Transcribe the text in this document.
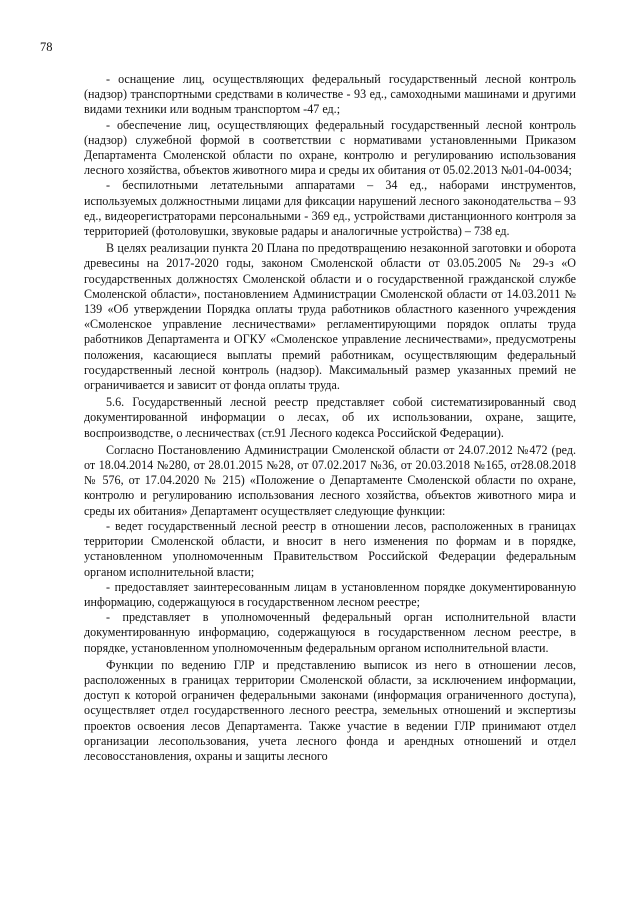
78

- оснащение лиц, осуществляющих федеральный государственный лесной контроль (надзор) транспортными средствами в количестве - 93 ед., самоходными машинами и другими видами техники или водным транспортом -47 ед.;

- обеспечение лиц, осуществляющих федеральный государственный лесной контроль (надзор) служебной формой в соответствии с нормативами установленными Приказом Департамента Смоленской области по охране, контролю и регулированию использования лесного хозяйства, объектов животного мира и среды их обитания от 05.02.2013 №01-04-0034;

- беспилотными летательными аппаратами – 34 ед., наборами инструментов, используемых должностными лицами для фиксации нарушений лесного законодательства – 93 ед., видеорегистраторами персональными - 369 ед., устройствами дистанционного контроля за территорией (фотоловушки, звуковые радары и аналогичные устройства) – 738 ед.

В целях реализации пункта 20 Плана по предотвращению незаконной заготовки и оборота древесины на 2017-2020 годы, законом Смоленской области от 03.05.2005 № 29-з «О государственных должностях Смоленской области и о государственной гражданской службе Смоленской области», постановлением Администрации Смоленской области от 14.03.2011 № 139 «Об утверждении Порядка оплаты труда работников областного казенного учреждения «Смоленское управление лесничествами» регламентирующими порядок оплаты труда работников Департамента и ОГКУ «Смоленское управление лесничествами», предусмотрены положения, касающиеся выплаты премий работникам, осуществляющим федеральный государственный лесной контроль (надзор). Максимальный размер указанных премий не ограничивается и зависит от фонда оплаты труда.

5.6. Государственный лесной реестр представляет собой систематизированный свод документированной информации о лесах, об их использовании, охране, защите, воспроизводстве, о лесничествах (ст.91 Лесного кодекса Российской Федерации).

Согласно Постановлению Администрации Смоленской области от 24.07.2012 №472 (ред. от 18.04.2014 №280, от 28.01.2015 №28, от 07.02.2017 №36, от 20.03.2018 №165, от28.08.2018 № 576, от 17.04.2020 № 215) «Положение о Департаменте Смоленской области по охране, контролю и регулированию использования лесного хозяйства, объектов животного мира и среды их обитания» Департамент осуществляет следующие функции:

- ведет государственный лесной реестр в отношении лесов, расположенных в границах территории Смоленской области, и вносит в него изменения по формам и в порядке, установленном уполномоченным Правительством Российской Федерации федеральным органом исполнительной власти;

- предоставляет заинтересованным лицам в установленном порядке документированную информацию, содержащуюся в государственном лесном реестре;

- представляет в уполномоченный федеральный орган исполнительной власти документированную информацию, содержащуюся в государственном лесном реестре, в порядке, установленном уполномоченным федеральным органом исполнительной власти.

Функции по ведению ГЛР и представлению выписок из него в отношении лесов, расположенных в границах территории Смоленской области, за исключением информации, доступ к которой ограничен федеральными законами (информация ограниченного доступа), осуществляет отдел государственного лесного реестра, земельных отношений и экспертизы проектов освоения лесов Департамента. Также участие в ведении ГЛР принимают отдел организации лесопользования, учета лесного фонда и арендных отношений и отдел лесовосстановления, охраны и защиты лесного
